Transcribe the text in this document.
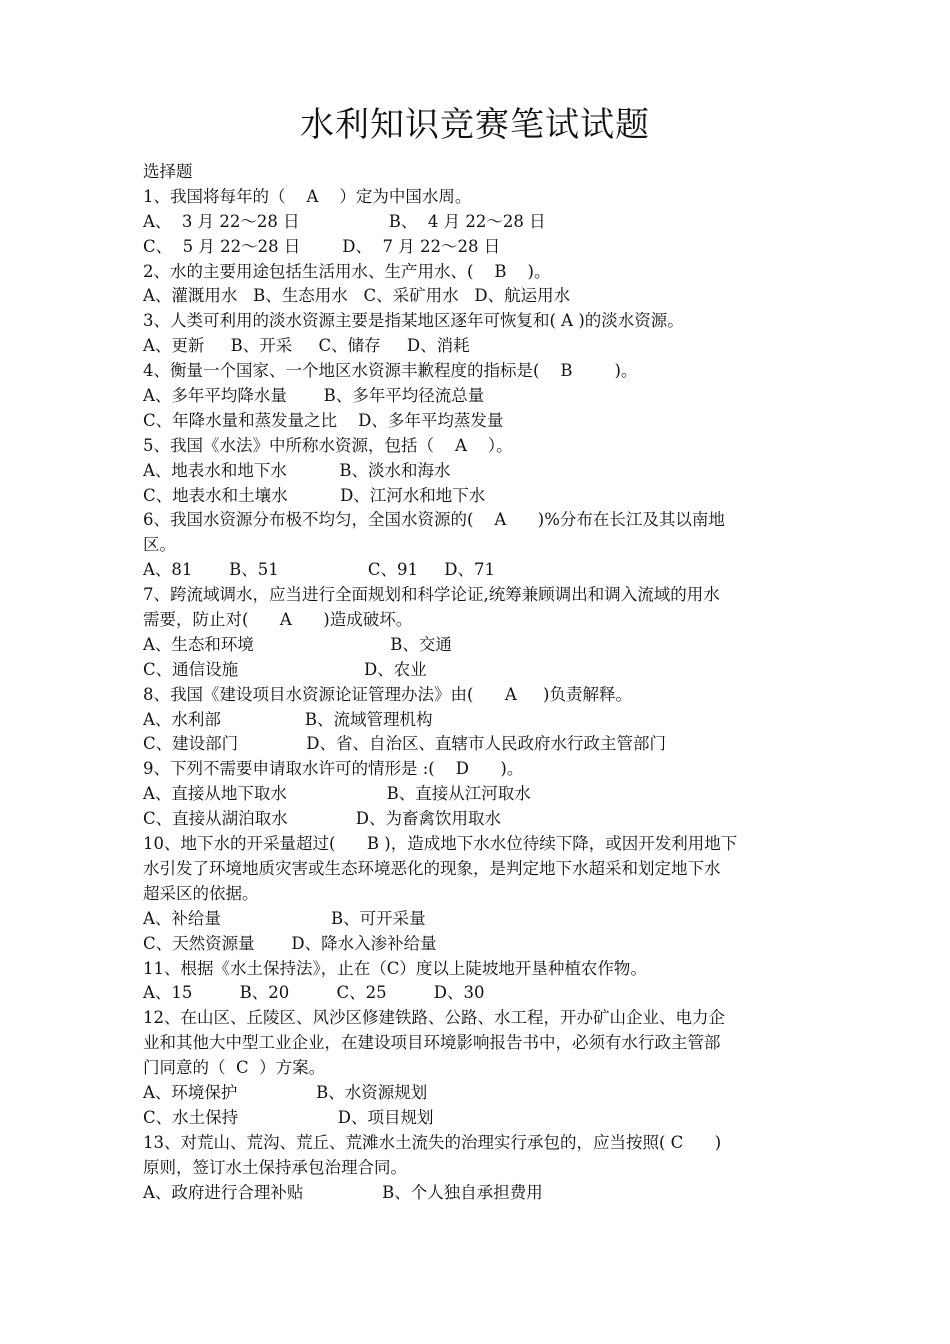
水利知识竞赛笔试试题
选择题
1、我国将每年的（    A    ）定为中国水周。
A、  3 月 22～28 日                 B、  4 月 22～28 日
C、  5 月 22～28 日        D、  7 月 22～28 日
2、水的主要用途包括生活用水、生产用水、(    B    )。
A、灌溉用水   B、生态用水   C、采矿用水   D、航运用水
3、人类可利用的淡水资源主要是指某地区逐年可恢复和( A )的淡水资源。
A、更新     B、开采     C、储存     D、消耗
4、衡量一个国家、一个地区水资源丰歉程度的指标是(    B        )。
A、多年平均降水量       B、多年平均径流总量
C、年降水量和蒸发量之比    D、多年平均蒸发量
5、我国《水法》中所称水资源，包括（    A    ）。
A、地表水和地下水          B、淡水和海水
C、地表水和土壤水          D、江河水和地下水
6、我国水资源分布极不均匀，全国水资源的(    A      )%分布在长江及其以南地
区。
A、81       B、51                 C、91     D、71
7、跨流域调水，应当进行全面规划和科学论证,统筹兼顾调出和调入流域的用水
需要，防止对(      A      )造成破坏。
A、生态和环境                          B、交通
C、通信设施                        D、农业
8、我国《建设项目水资源论证管理办法》由(      A     )负责解释。
A、水利部                B、流域管理机构
C、建设部门             D、省、自治区、直辖市人民政府水行政主管部门
9、下列不需要申请取水许可的情形是 :(    D      )。
A、直接从地下取水                   B、直接从江河取水
C、直接从湖泊取水             D、为畜禽饮用取水
10、地下水的开采量超过(      B )，造成地下水水位待续下降，或因开发利用地下
水引发了环境地质灾害或生态环境恶化的现象，是判定地下水超采和划定地下水
超采区的依据。
A、补给量                     B、可开采量
C、天然资源量       D、降水入渗补给量
11、根据《水土保持法》，止在（C）度以上陡坡地开垦种植农作物。
A、15         B、20         C、25         D、30
12、在山区、丘陵区、风沙区修建铁路、公路、水工程，开办矿山企业、电力企
业和其他大中型工业企业，在建设项目环境影响报告书中，必须有水行政主管部
门同意的（  C  ）方案。
A、环境保护               B、水资源规划
C、水土保持                   D、项目规划
13、对荒山、荒沟、荒丘、荒滩水土流失的治理实行承包的，应当按照( C      )
原则，签订水土保持承包治理合同。
A、政府进行合理补贴               B、个人独自承担费用
